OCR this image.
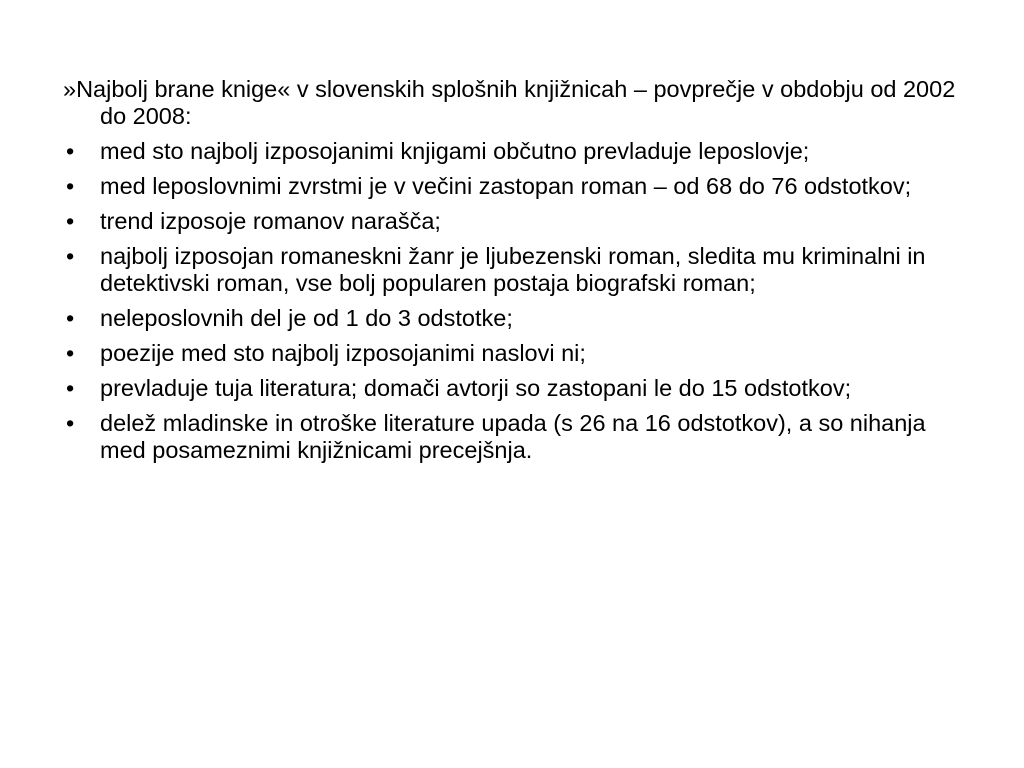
»Najbolj brane knige« v slovenskih splošnih knjižnicah – povprečje v obdobju od 2002 do 2008:

•	med sto najbolj izposojanimi knjigami občutno prevladuje leposlovje;
•	med leposlovnimi zvrstmi je v večini zastopan roman – od 68 do 76 odstotkov;
•	trend izposoje romanov narašča;
•	najbolj izposojan romaneskni žanr je ljubezenski roman, sledita mu kriminalni in detektivski roman, vse bolj popularen postaja biografski roman;
•	neleposlovnih del je od 1 do 3 odstotke;
•	poezije med sto najbolj izposojanimi naslovi ni;
•	prevladuje tuja literatura; domači avtorji so zastopani le do 15 odstotkov;
•	delež mladinske in otroške literature upada (s 26 na 16 odstotkov), a so nihanja med posameznimi knjižnicami precejšnja.
